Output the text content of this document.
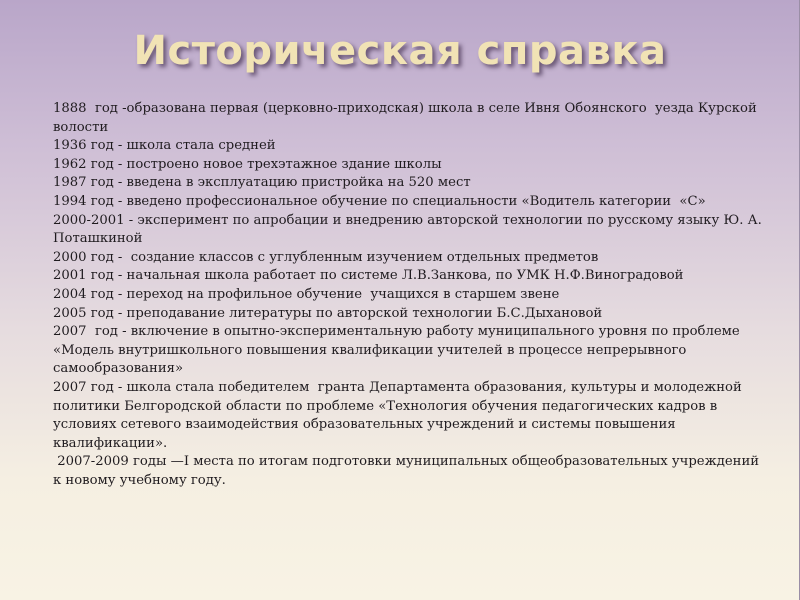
Историческая справка
1888  год -образована первая (церковно-приходская) школа в селе Ивня Обоянского  уезда Курской волости
1936 год - школа стала средней
1962 год - построено новое трехэтажное здание школы
1987 год - введена в эксплуатацию пристройка на 520 мест
1994 год - введено профессиональное обучение по специальности «Водитель категории  «С»
2000-2001 - эксперимент по апробации и внедрению авторской технологии по русскому языку Ю. А. Поташкиной
2000 год -  создание классов с углубленным изучением отдельных предметов
2001 год - начальная школа работает по системе Л.В.Занкова, по УМК Н.Ф.Виноградовой
2004 год - переход на профильное обучение  учащихся в старшем звене
2005 год - преподавание литературы по авторской технологии Б.С.Дыхановой
2007  год - включение в опытно-экспериментальную работу муниципального уровня по проблеме «Модель внутришкольного повышения квалификации учителей в процессе непрерывного самообразования»
2007 год - школа стала победителем  гранта Департамента образования, культуры и молодежной политики Белгородской области по проблеме «Технология обучения педагогических кадров в условиях сетевого взаимодействия образовательных учреждений и системы повышения квалификации».
2007-2009 годы —I места по итогам подготовки муниципальных общеобразовательных учреждений к новому учебному году.
